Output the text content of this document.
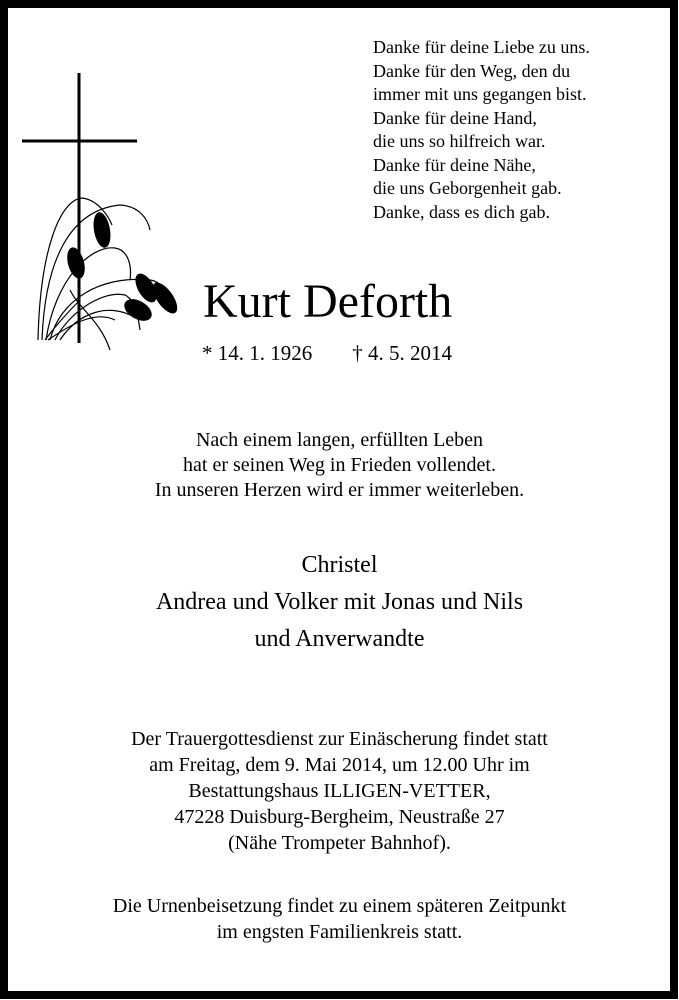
Danke für deine Liebe zu uns.
Danke für den Weg, den du
immer mit uns gegangen bist.
Danke für deine Hand,
die uns so hilfreich war.
Danke für deine Nähe,
die uns Geborgenheit gab.
Danke, dass es dich gab.
Kurt Deforth
* 14. 1. 1926 † 4. 5. 2014
Nach einem langen, erfüllten Leben
hat er seinen Weg in Frieden vollendet.
In unseren Herzen wird er immer weiterleben.
Christel
Andrea und Volker mit Jonas und Nils
und Anverwandte
Der Trauergottesdienst zur Einäscherung findet statt
am Freitag, dem 9. Mai 2014, um 12.00 Uhr im
Bestattungshaus ILLIGEN-VETTER,
47228 Duisburg-Bergheim, Neustraße 27
(Nähe Trompeter Bahnhof).
Die Urnenbeisetzung findet zu einem späteren Zeitpunkt
im engsten Familienkreis statt.
